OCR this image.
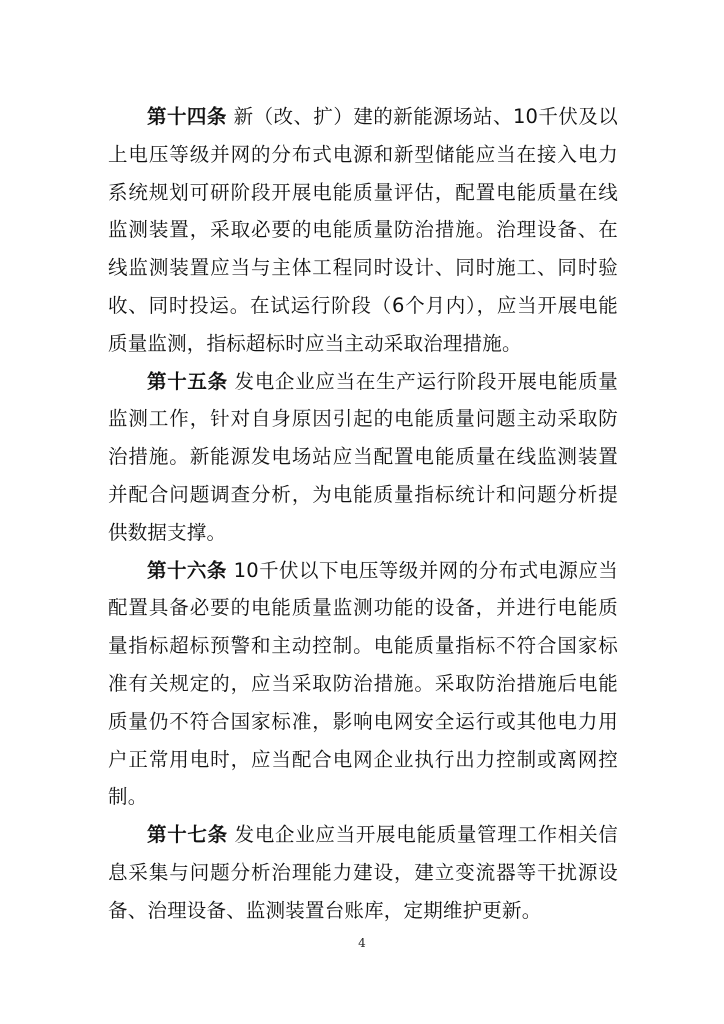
第十四条 新（改、扩）建的新能源场站、10千伏及以上电压等级并网的分布式电源和新型储能应当在接入电力系统规划可研阶段开展电能质量评估，配置电能质量在线监测装置，采取必要的电能质量防治措施。治理设备、在线监测装置应当与主体工程同时设计、同时施工、同时验收、同时投运。在试运行阶段（6个月内），应当开展电能质量监测，指标超标时应当主动采取治理措施。

第十五条 发电企业应当在生产运行阶段开展电能质量监测工作，针对自身原因引起的电能质量问题主动采取防治措施。新能源发电场站应当配置电能质量在线监测装置并配合问题调查分析，为电能质量指标统计和问题分析提供数据支撑。

第十六条 10千伏以下电压等级并网的分布式电源应当配置具备必要的电能质量监测功能的设备，并进行电能质量指标超标预警和主动控制。电能质量指标不符合国家标准有关规定的，应当采取防治措施。采取防治措施后电能质量仍不符合国家标准，影响电网安全运行或其他电力用户正常用电时，应当配合电网企业执行出力控制或离网控制。

第十七条 发电企业应当开展电能质量管理工作相关信息采集与问题分析治理能力建设，建立变流器等干扰源设备、治理设备、监测装置台账库，定期维护更新。

4
